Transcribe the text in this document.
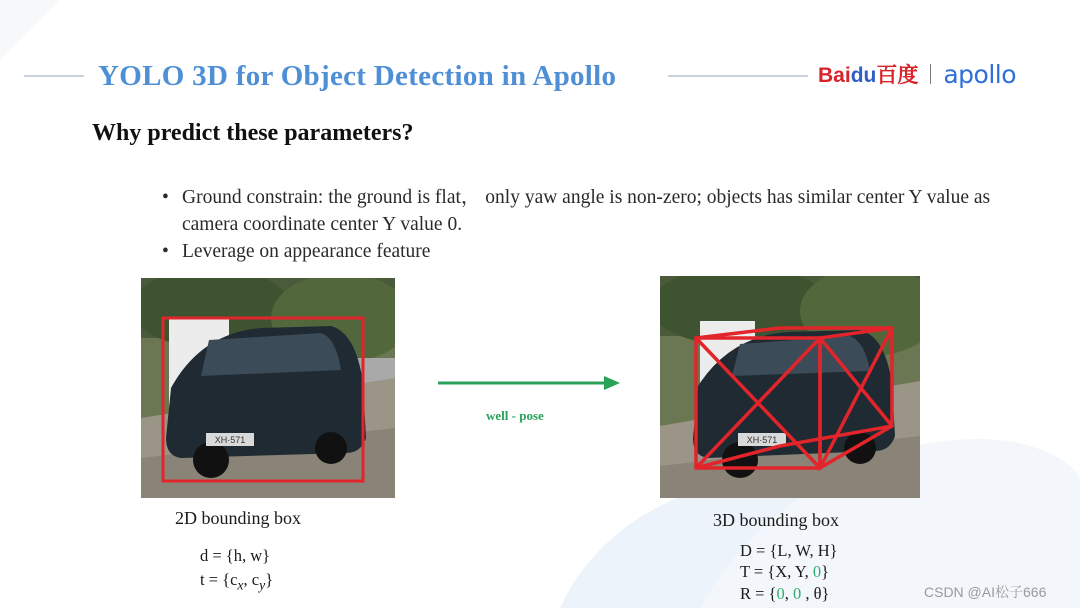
YOLO 3D for Object Detection in Apollo	Baidu百度 apollo
Why predict these parameters?
• Ground constrain: the ground is flat， only yaw angle is non-zero; objects has similar center Y value as camera coordinate center Y value 0.
• Leverage on appearance feature
XH·571
well - pose
XH·571
2D bounding box
d = {h, w}
$t = \{c_x$, $c_y$}
3D bounding box
D = {L, W, H}
T = {X, Y, 0}
R = {0, 0 , θ}	CSDN @AI松子666
